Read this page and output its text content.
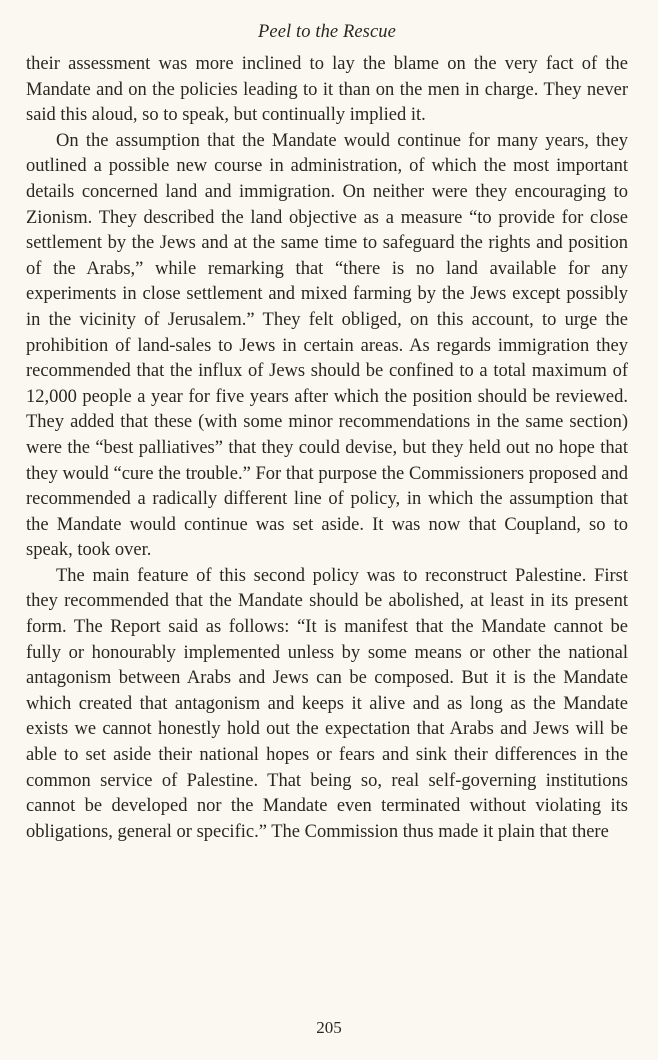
Peel to the Rescue

their assessment was more inclined to lay the blame on the very fact of the Mandate and on the policies leading to it than on the men in charge. They never said this aloud, so to speak, but continually implied it.

On the assumption that the Mandate would continue for many years, they outlined a possible new course in administration, of which the most important details concerned land and immigration. On neither were they encouraging to Zionism. They described the land objective as a measure “to provide for close settlement by the Jews and at the same time to safeguard the rights and position of the Arabs,” while remarking that “there is no land available for any experiments in close settlement and mixed farming by the Jews except possibly in the vicinity of Jerusalem.” They felt obliged, on this account, to urge the prohibition of land-sales to Jews in certain areas. As regards immigration they recommended that the influx of Jews should be confined to a total maximum of 12,000 people a year for five years after which the position should be reviewed. They added that these (with some minor recommendations in the same section) were the “best palliatives” that they could devise, but they held out no hope that they would “cure the trouble.” For that purpose the Commissioners proposed and recommended a radically different line of policy, in which the assumption that the Mandate would continue was set aside. It was now that Coupland, so to speak, took over.

The main feature of this second policy was to reconstruct Palestine. First they recommended that the Mandate should be abolished, at least in its present form. The Report said as follows: “It is manifest that the Mandate cannot be fully or honourably implemented unless by some means or other the national antagonism between Arabs and Jews can be composed. But it is the Mandate which created that antagonism and keeps it alive and as long as the Mandate exists we cannot honestly hold out the expectation that Arabs and Jews will be able to set aside their national hopes or fears and sink their differences in the common service of Palestine. That being so, real self-governing institutions cannot be developed nor the Mandate even terminated without violating its obligations, general or specific.” The Commission thus made it plain that there

205
